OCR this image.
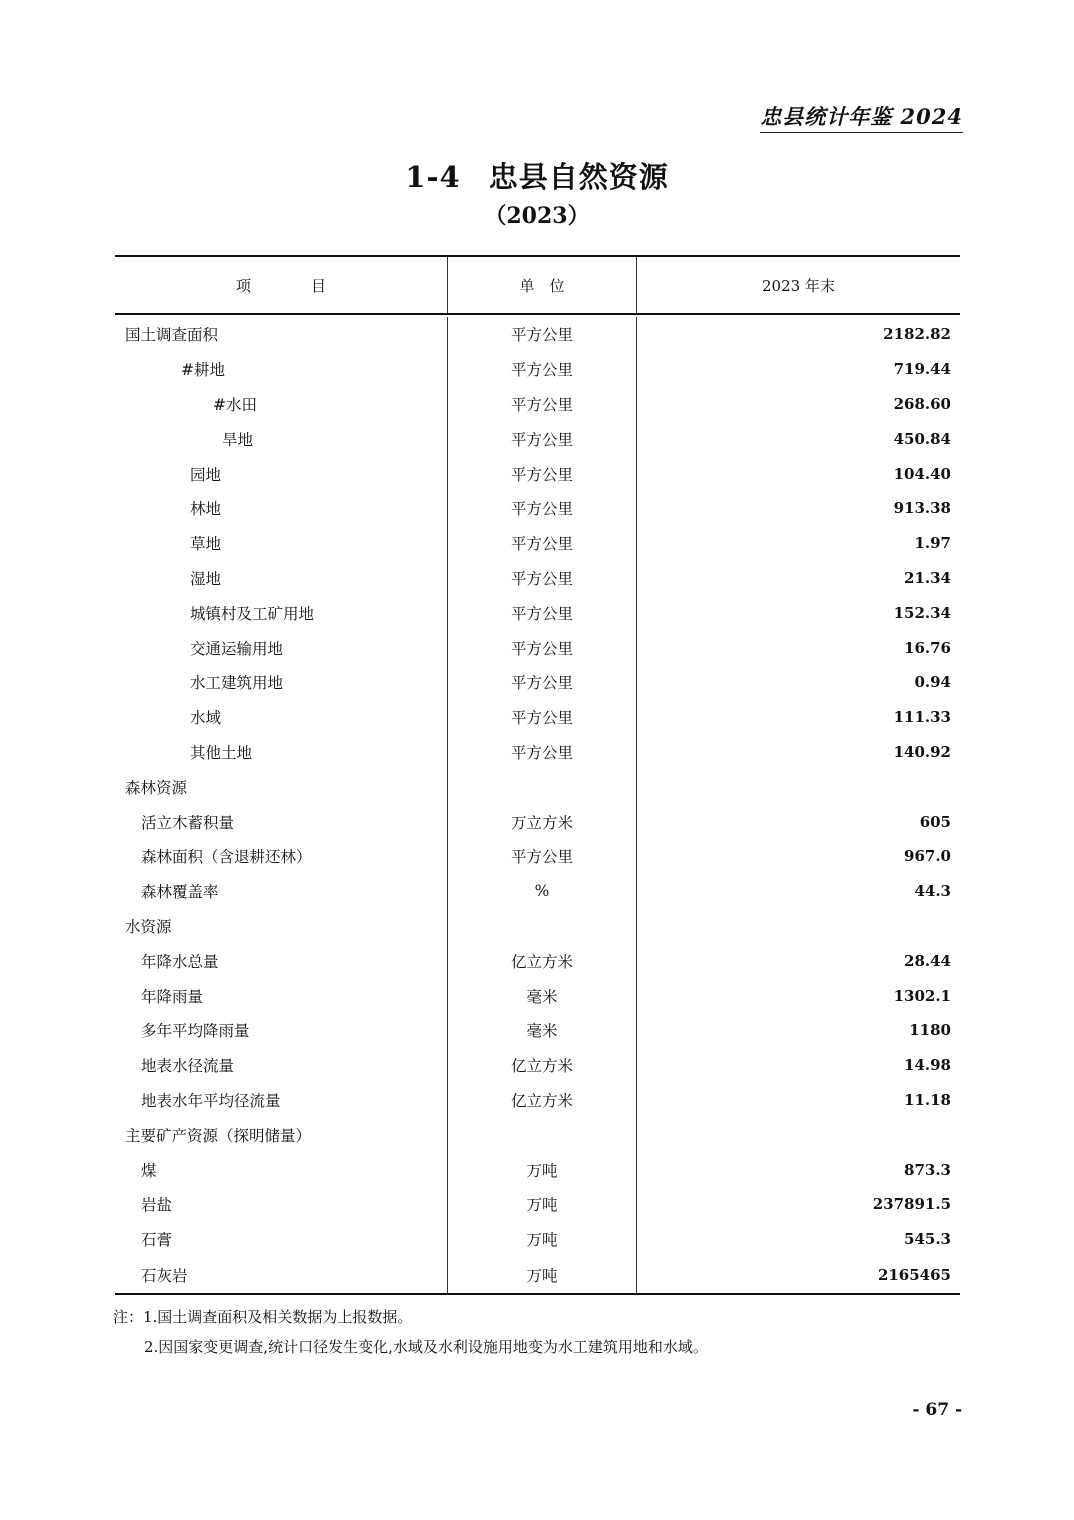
忠县统计年鉴 2024
1-4 忠县自然资源
（2023）
项　　　　目	单　位	2023 年末
国土调查面积	平方公里	2182.82
#耕地	平方公里	719.44
#水田	平方公里	268.60
旱地	平方公里	450.84
园地	平方公里	104.40
林地	平方公里	913.38
草地	平方公里	1.97
湿地	平方公里	21.34
城镇村及工矿用地	平方公里	152.34
交通运输用地	平方公里	16.76
水工建筑用地	平方公里	0.94
水域	平方公里	111.33
其他土地	平方公里	140.92
森林资源
活立木蓄积量	万立方米	605
森林面积（含退耕还林）	平方公里	967.0
森林覆盖率	%	44.3
水资源
年降水总量	亿立方米	28.44
年降雨量	毫米	1302.1
多年平均降雨量	毫米	1180
地表水径流量	亿立方米	14.98
地表水年平均径流量	亿立方米	11.18
主要矿产资源（探明储量）
煤	万吨	873.3
岩盐	万吨	237891.5
石膏	万吨	545.3
石灰岩	万吨	2165465
注：1.国土调查面积及相关数据为上报数据。
2.因国家变更调查,统计口径发生变化,水域及水利设施用地变为水工建筑用地和水域。
- 67 -
